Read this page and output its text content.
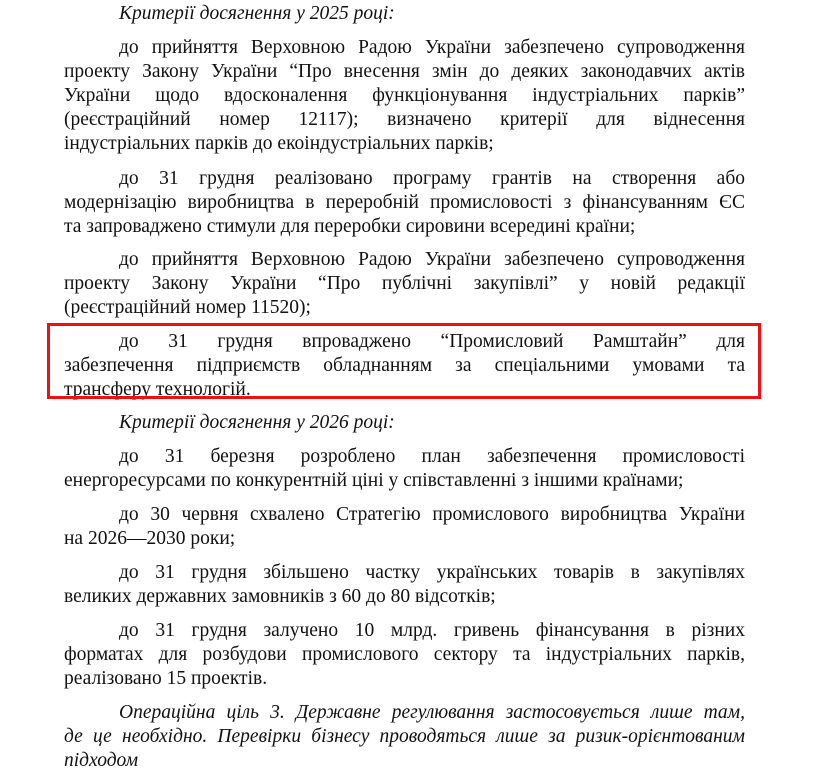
Критерії досягнення у 2025 році:
до прийняття Верховною Радою України забезпечено супроводження
проекту Закону України “Про внесення змін до деяких законодавчих актів
України щодо вдосконалення функціонування індустріальних парків”
(реєстраційний номер 12117); визначено критерії для віднесення
індустріальних парків до екоіндустріальних парків;
до 31 грудня реалізовано програму грантів на створення або
модернізацію виробництва в переробній промисловості з фінансуванням ЄС
та запроваджено стимули для переробки сировини всередині країни;
до прийняття Верховною Радою України забезпечено супроводження
проекту Закону України “Про публічні закупівлі” у новій редакції
(реєстраційний номер 11520);
до 31 грудня впроваджено “Промисловий Рамштайн” для
забезпечення підприємств обладнанням за спеціальними умовами та
трансферу технологій.
Критерії досягнення у 2026 році:
до 31 березня розроблено план забезпечення промисловості
енергоресурсами по конкурентній ціні у співставленні з іншими країнами;
до 30 червня схвалено Стратегію промислового виробництва України
на 2026—2030 роки;
до 31 грудня збільшено частку українських товарів в закупівлях
великих державних замовників з 60 до 80 відсотків;
до 31 грудня залучено 10 млрд. гривень фінансування в різних
форматах для розбудови промислового сектору та індустріальних парків,
реалізовано 15 проектів.
Операційна ціль 3. Державне регулювання застосовується лише там,
де це необхідно. Перевірки бізнесу проводяться лише за ризик-орієнтованим
підходом
